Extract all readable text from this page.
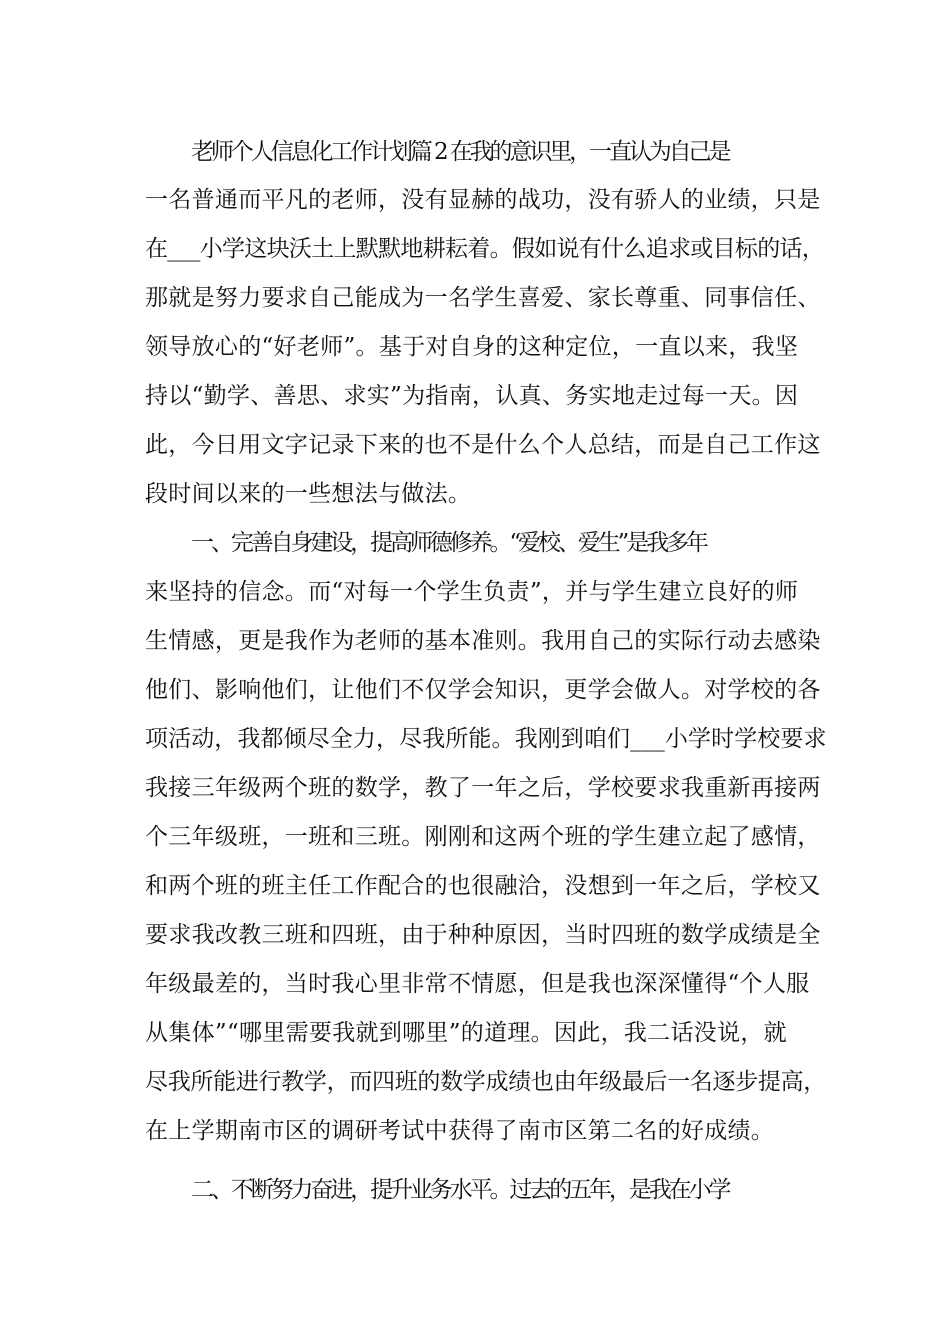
老师个人信息化工作计划篇 2 在我的意识里，一直认为自己是
一名普通而平凡的老师，没有显赫的战功，没有骄人的业绩，只是
在___小学这块沃土上默默地耕耘着。假如说有什么追求或目标的话，
那就是努力要求自己能成为一名学生喜爱、家长尊重、同事信任、
领导放心的“好老师”。基于对自身的这种定位，一直以来，我坚
持以“勤学、善思、求实”为指南，认真、务实地走过每一天。因
此，今日用文字记录下来的也不是什么个人总结，而是自己工作这
段时间以来的一些想法与做法。
一、完善自身建设，提高师德修养。“爱校、爱生”是我多年
来坚持的信念。而“对每一个学生负责”，并与学生建立良好的师
生情感，更是我作为老师的基本准则。我用自己的实际行动去感染
他们、影响他们，让他们不仅学会知识，更学会做人。对学校的各
项活动，我都倾尽全力，尽我所能。我刚到咱们___小学时学校要求
我接三年级两个班的数学，教了一年之后，学校要求我重新再接两
个三年级班，一班和三班。刚刚和这两个班的学生建立起了感情，
和两个班的班主任工作配合的也很融洽，没想到一年之后，学校又
要求我改教三班和四班，由于种种原因，当时四班的数学成绩是全
年级最差的，当时我心里非常不情愿，但是我也深深懂得“个人服
从集体”“哪里需要我就到哪里”的道理。因此，我二话没说，就
尽我所能进行教学，而四班的数学成绩也由年级最后一名逐步提高，
在上学期南市区的调研考试中获得了南市区第二名的好成绩。
二、不断努力奋进，提升业务水平。过去的五年，是我在小学
